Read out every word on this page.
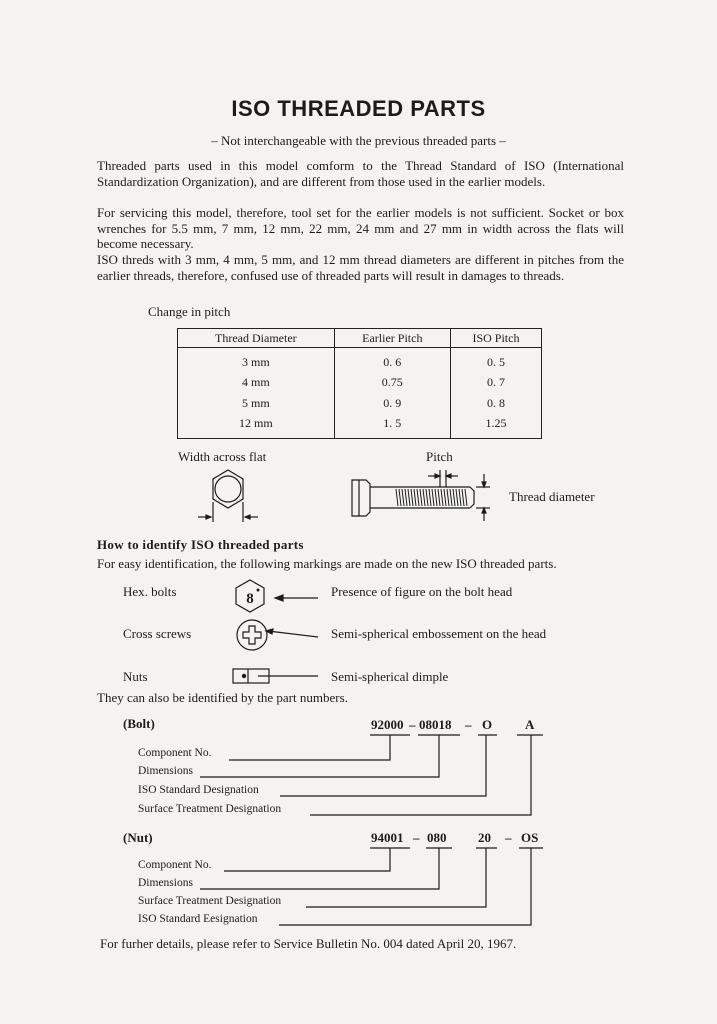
ISO THREADED PARTS
– Not interchangeable with the previous threaded parts –
Threaded parts used in this model comform to the Thread Standard of ISO (International Standardization Organization), and are different from those used in the earlier models.
For servicing this model, therefore, tool set for the earlier models is not sufficient. Socket or box wrenches for 5.5 mm, 7 mm, 12 mm, 22 mm, 24 mm and 27 mm in width across the flats will become necessary.
ISO threds with 3 mm, 4 mm, 5 mm, and 12 mm thread diameters are different in pitches from the earlier threads, therefore, confused use of threaded parts will result in damages to threads.
Change in pitch
Thread Diameter	Earlier Pitch	ISO Pitch
3 mm	0. 6	0. 5
4 mm	0.75	0. 7
5 mm	0. 9	0. 8
12 mm	1. 5	1.25
Width across flat	Pitch
Thread diameter
8
How to identify ISO threaded parts
For easy identification, the following markings are made on the new ISO threaded parts.
Hex. bolts	Presence of figure on the bolt head
Cross screws	Semi-spherical embossement on the head
Nuts	Semi-spherical dimple
They can also be identified by the part numbers.
(Bolt)	92000 – 08018 – O	A
Component No.
Dimensions
ISO Standard Designation
Surface Treatment Designation
(Nut)	94001 – 080 20 – OS
Component No.
Dimensions
Surface Treatment Designation
ISO Standard Eesignation
For furher details, please refer to Service Bulletin No. 004 dated April 20, 1967.
